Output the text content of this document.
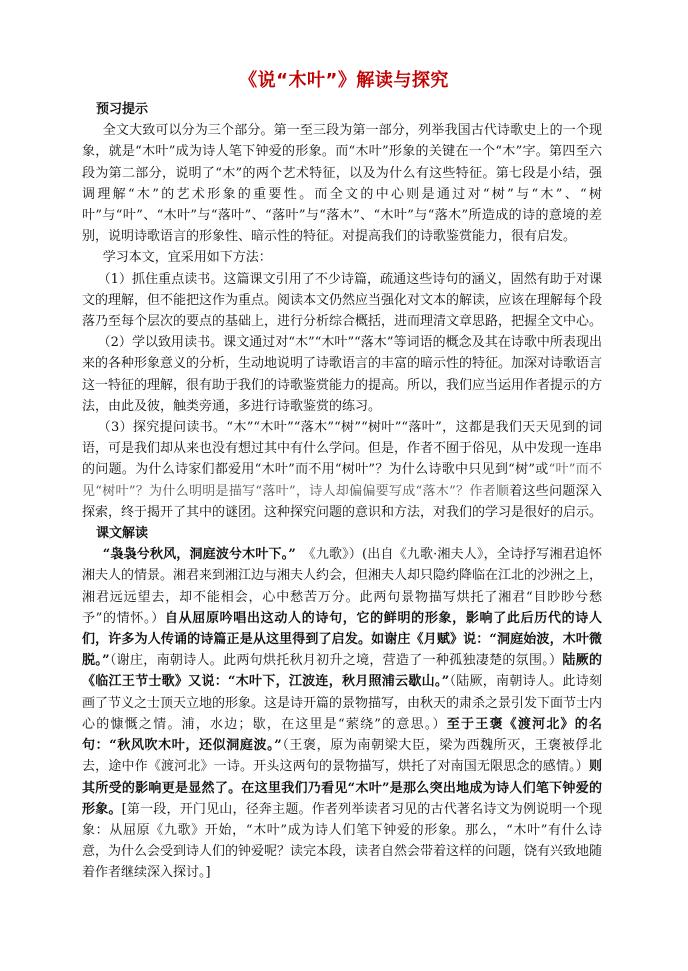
《说“木叶”》解读与探究

预习提示

全文大致可以分为三个部分。第一至三段为第一部分，列举我国古代诗歌史上的一个现象，就是“木叶”成为诗人笔下钟爱的形象。而“木叶”形象的关键在一个“木”字。第四至六段为第二部分，说明了“木”的两个艺术特征，以及为什么有这些特征。第七段是小结，强调理解“木”的艺术形象的重要性。而全文的中心则是通过对“树”与“木”、“树叶”与“叶”、“木叶”与“落叶”、“落叶”与“落木”、“木叶”与“落木”所造成的诗的意境的差别，说明诗歌语言的形象性、暗示性的特征。对提高我们的诗歌鉴赏能力，很有启发。

学习本文，宜采用如下方法：

（1）抓住重点读书。这篇课文引用了不少诗篇，疏通这些诗句的涵义，固然有助于对课文的理解，但不能把这作为重点。阅读本文仍然应当强化对文本的解读，应该在理解每个段落乃至每个层次的要点的基础上，进行分析综合概括，进而理清文章思路，把握全文中心。

（2）学以致用读书。课文通过对“木”“木叶”“落木”等词语的概念及其在诗歌中所表现出来的各种形象意义的分析，生动地说明了诗歌语言的丰富的暗示性的特征。加深对诗歌语言这一特征的理解，很有助于我们的诗歌鉴赏能力的提高。所以，我们应当运用作者提示的方法，由此及彼，触类旁通，多进行诗歌鉴赏的练习。

（3）探究提问读书。“木”“木叶”“落木”“树”“树叶”“落叶”，这都是我们天天见到的词语，可是我们却从来也没有想过其中有什么学问。但是，作者不囿于俗见，从中发现一连串的问题。为什么诗家们都爱用“木叶”而不用“树叶”？为什么诗歌中只见到“树”或“叶”而不见“树叶”？为什么明明是描写“落叶”，诗人却偏偏要写成“落木”？作者顺着这些问题深入探索，终于揭开了其中的谜团。这种探究问题的意识和方法，对我们的学习是很好的启示。

课文解读

“袅袅兮秋风，洞庭波兮木叶下。”　《九歌》）(出自《九歌·湘夫人》，全诗抒写湘君追怀湘夫人的情景。湘君来到湘江边与湘夫人约会，但湘夫人却只隐约降临在江北的沙洲之上，湘君远远望去，却不能相会，心中愁苦万分。此两句景物描写烘托了湘君“目眇眇兮愁予”的情怀。）自从屈原吟唱出这动人的诗句，它的鲜明的形象，影响了此后历代的诗人们，许多为人传诵的诗篇正是从这里得到了启发。如谢庄《月赋》说：“洞庭始波，木叶微脱。”（谢庄，南朝诗人。此两句烘托秋月初升之境，营造了一种孤独凄楚的氛围。）陆厥的《临江王节士歌》又说：“木叶下，江波连，秋月照浦云歇山。”（陆厥，南朝诗人。此诗刻画了节义之士顶天立地的形象。这是诗开篇的景物描写，由秋天的肃杀之景引发下面节士内心的慷慨之情。浦，水边；歇，在这里是“萦绕”的意思。）至于王褒《渡河北》的名句：“秋风吹木叶，还似洞庭波。”（王褒，原为南朝梁大臣，梁为西魏所灭，王褒被俘北去，途中作《渡河北》一诗。开头这两句的景物描写，烘托了对南国无限思念的感情。）则其所受的影响更是显然了。在这里我们乃看见“木叶”是那么突出地成为诗人们笔下钟爱的形象。[第一段，开门见山，径奔主题。作者列举读者习见的古代著名诗文为例说明一个现象：从屈原《九歌》开始，“木叶”成为诗人们笔下钟爱的形象。那么，“木叶”有什么诗意，为什么会受到诗人们的钟爱呢？读完本段，读者自然会带着这样的问题，饶有兴致地随着作者继续深入探讨。]
